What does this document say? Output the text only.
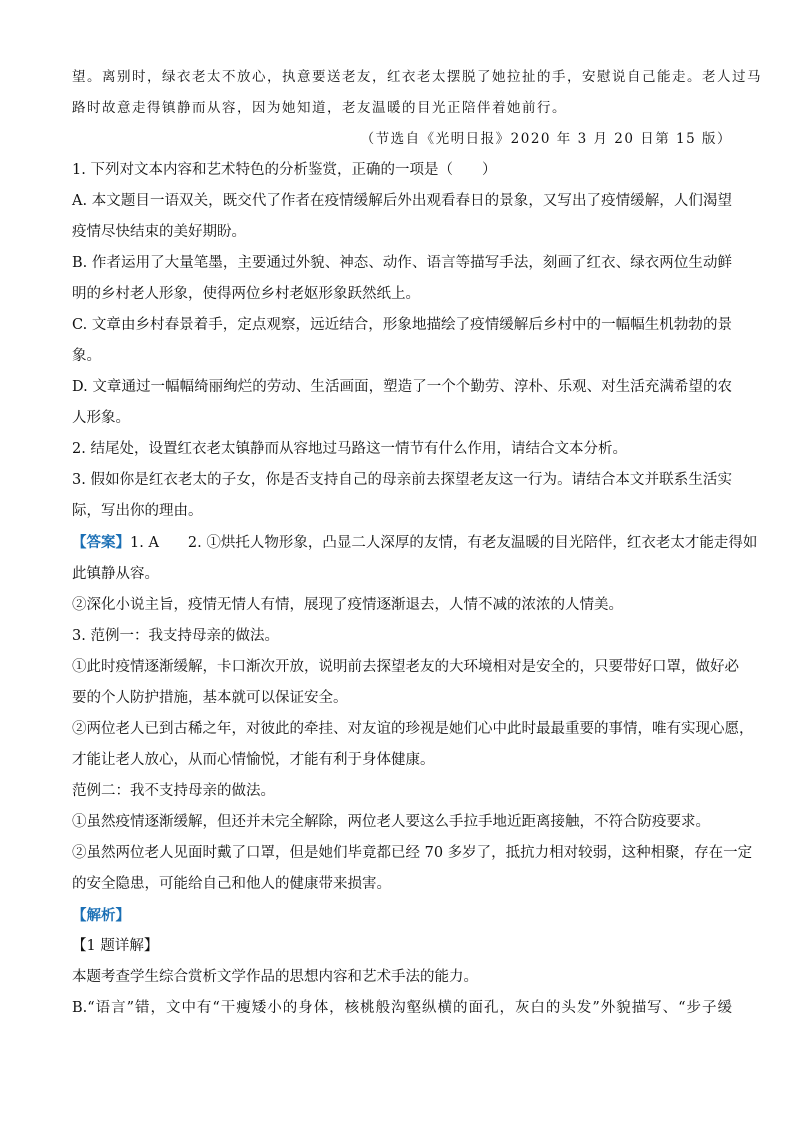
望。离别时，绿衣老太不放心，执意要送老友，红衣老太摆脱了她拉扯的手，安慰说自己能走。老人过马
路时故意走得镇静而从容，因为她知道，老友温暖的目光正陪伴着她前行。
（节选自《光明日报》2020 年 3 月 20 日第 15 版）
1. 下列对文本内容和艺术特色的分析鉴赏，正确的一项是（　　）
A. 本文题目一语双关，既交代了作者在疫情缓解后外出观看春日的景象，又写出了疫情缓解，人们渴望
疫情尽快结束的美好期盼。
B. 作者运用了大量笔墨，主要通过外貌、神态、动作、语言等描写手法，刻画了红衣、绿衣两位生动鲜
明的乡村老人形象，使得两位乡村老妪形象跃然纸上。
C. 文章由乡村春景着手，定点观察，远近结合，形象地描绘了疫情缓解后乡村中的一幅幅生机勃勃的景
象。
D. 文章通过一幅幅绮丽绚烂的劳动、生活画面，塑造了一个个勤劳、淳朴、乐观、对生活充满希望的农
人形象。
2. 结尾处，设置红衣老太镇静而从容地过马路这一情节有什么作用，请结合文本分析。
3. 假如你是红衣老太的子女，你是否支持自己的母亲前去探望老友这一行为。请结合本文并联系生活实
际，写出你的理由。
【答案】1. A　　2. ①烘托人物形象，凸显二人深厚的友情，有老友温暖的目光陪伴，红衣老太才能走得如
此镇静从容。
②深化小说主旨，疫情无情人有情，展现了疫情逐渐退去，人情不减的浓浓的人情美。
3. 范例一：我支持母亲的做法。
①此时疫情逐渐缓解，卡口渐次开放，说明前去探望老友的大环境相对是安全的，只要带好口罩，做好必
要的个人防护措施，基本就可以保证安全。
②两位老人已到古稀之年，对彼此的牵挂、对友谊的珍视是她们心中此时最最重要的事情，唯有实现心愿，
才能让老人放心，从而心情愉悦，才能有利于身体健康。
范例二：我不支持母亲的做法。
①虽然疫情逐渐缓解，但还并未完全解除，两位老人要这么手拉手地近距离接触，不符合防疫要求。
②虽然两位老人见面时戴了口罩，但是她们毕竟都已经 70 多岁了，抵抗力相对较弱，这种相聚，存在一定
的安全隐患，可能给自己和他人的健康带来损害。
【解析】
【1 题详解】
本题考查学生综合赏析文学作品的思想内容和艺术手法的能力。
B.“语言”错，文中有“干瘦矮小的身体，核桃般沟壑纵横的面孔，灰白的头发”外貌描写、“步子缓
